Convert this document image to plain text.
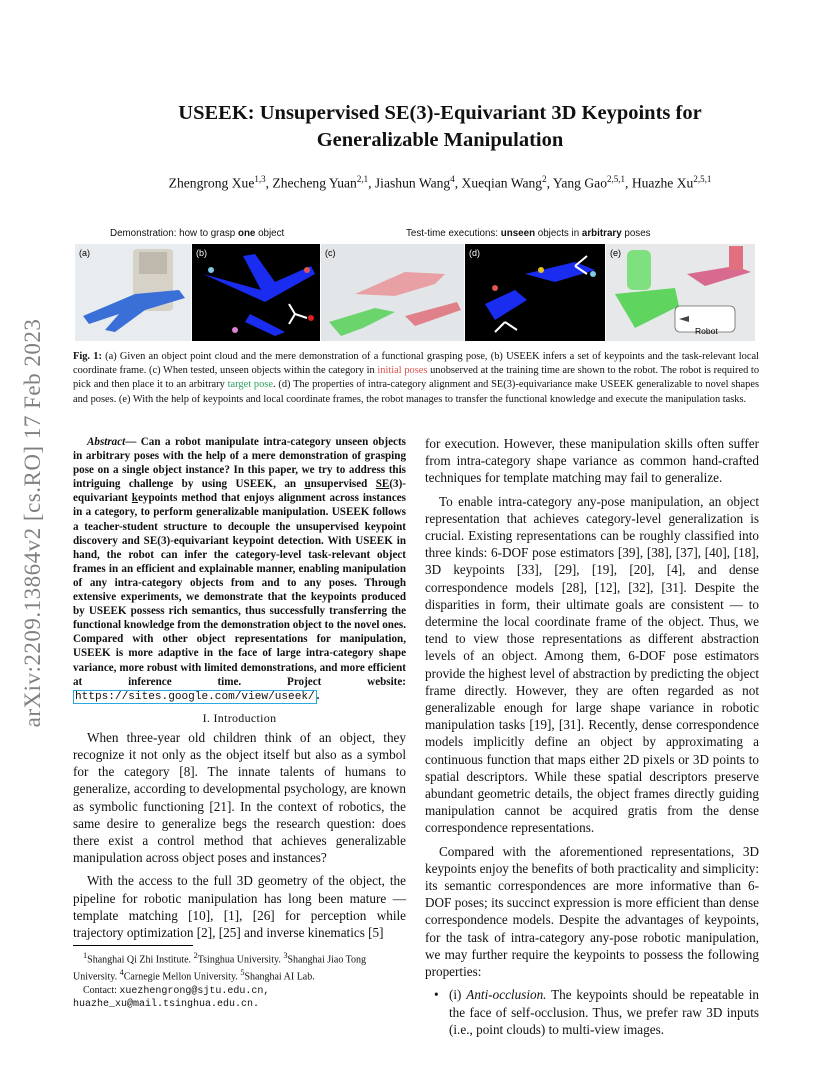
arXiv:2209.13864v2 [cs.RO] 17 Feb 2023
USEEK: Unsupervised SE(3)-Equivariant 3D Keypoints for
Generalizable Manipulation
Zhengrong Xue$^{1,3}$, Zhecheng Yuan$^{2,1}$, Jiashun Wang$^4$, Xueqian Wang$^2$, Yang Gao$^{2,5,1}$, Huazhe Xu$^{2,5,1}$
Demonstration: how to grasp one object	Test-time executions: unseen objects in arbitrary poses
(a)	(b)	(c)	(d)	(e)
Robot
Fig. 1: (a) Given an object point cloud and the mere demonstration of a functional grasping pose, (b) USEEK infers a set of keypoints and the task-relevant local coordinate frame. (c) When tested, unseen objects within the category in initial poses unobserved at the training time are shown to the robot. The robot is required to pick and then place it to an arbitrary target pose. (d) The properties of intra-category alignment and SE(3)-equivariance make USEEK generalizable to novel shapes and poses. (e) With the help of keypoints and local coordinate frames, the robot manages to transfer the functional knowledge and execute the manipulation tasks.

Abstract— Can a robot manipulate intra-category unseen objects in arbitrary poses with the help of a mere demonstration of grasping pose on a single object instance? In this paper, we try to address this intriguing challenge by using USEEK, an unsupervised SE(3)-equivariant keypoints method that enjoys alignment across instances in a category, to perform generalizable manipulation. USEEK follows a teacher-student structure to decouple the unsupervised keypoint discovery and SE(3)-equivariant keypoint detection. With USEEK in hand, the robot can infer the category-level task-relevant object frames in an efficient and explainable manner, enabling manipulation of any intra-category objects from and to any poses. Through extensive experiments, we demonstrate that the keypoints produced by USEEK possess rich semantics, thus successfully transferring the functional knowledge from the demonstration object to the novel ones. Compared with other object representations for manipulation, USEEK is more adaptive in the face of large intra-category shape variance, more robust with limited demonstrations, and more efficient at inference time. Project website: https://sites.google.com/view/useek/ .

I. Introduction

When three-year old children think of an object, they recognize it not only as the object itself but also as a symbol for the category [8]. The innate talents of humans to generalize, according to developmental psychology, are known as symbolic functioning [21]. In the context of robotics, the same desire to generalize begs the research question: does there exist a control method that achieves generalizable manipulation across object poses and instances?

With the access to the full 3D geometry of the object, the pipeline for robotic manipulation has long been mature — template matching [10], [1], [26] for perception while trajectory optimization [2], [25] and inverse kinematics [5]

$^1$Shanghai Qi Zhi Institute. $^2$Tsinghua University. $^3$Shanghai Jiao Tong University. $^4$Carnegie Mellon University. $^5$Shanghai AI Lab.

Contact: xuezhengrong@sjtu.edu.cn,

huazhe_xu@mail.tsinghua.edu.cn.

for execution. However, these manipulation skills often suffer from intra-category shape variance as common hand-crafted techniques for template matching may fail to generalize.

To enable intra-category any-pose manipulation, an object representation that achieves category-level generalization is crucial. Existing representations can be roughly classified into three kinds: 6-DOF pose estimators [39], [38], [37], [40], [18], 3D keypoints [33], [29], [19], [20], [4], and dense correspondence models [28], [12], [32], [31]. Despite the disparities in form, their ultimate goals are consistent — to determine the local coordinate frame of the object. Thus, we tend to view those representations as different abstraction levels of an object. Among them, 6-DOF pose estimators provide the highest level of abstraction by predicting the object frame directly. However, they are often regarded as not generalizable enough for large shape variance in robotic manipulation tasks [19], [31]. Recently, dense correspondence models implicitly define an object by approximating a continuous function that maps either 2D pixels or 3D points to spatial descriptors. While these spatial descriptors preserve abundant geometric details, the object frames directly guiding manipulation cannot be acquired gratis from the dense correspondence representations.

Compared with the aforementioned representations, 3D keypoints enjoy the benefits of both practicality and simplicity: its semantic correspondences are more informative than 6-DOF poses; its succinct expression is more efficient than dense correspondence models. Despite the advantages of keypoints, for the task of intra-category any-pose robotic manipulation, we may further require the keypoints to possess the following properties:

• (i) Anti-occlusion. The keypoints should be repeatable in the face of self-occlusion. Thus, we prefer raw 3D inputs (i.e., point clouds) to multi-view images.
